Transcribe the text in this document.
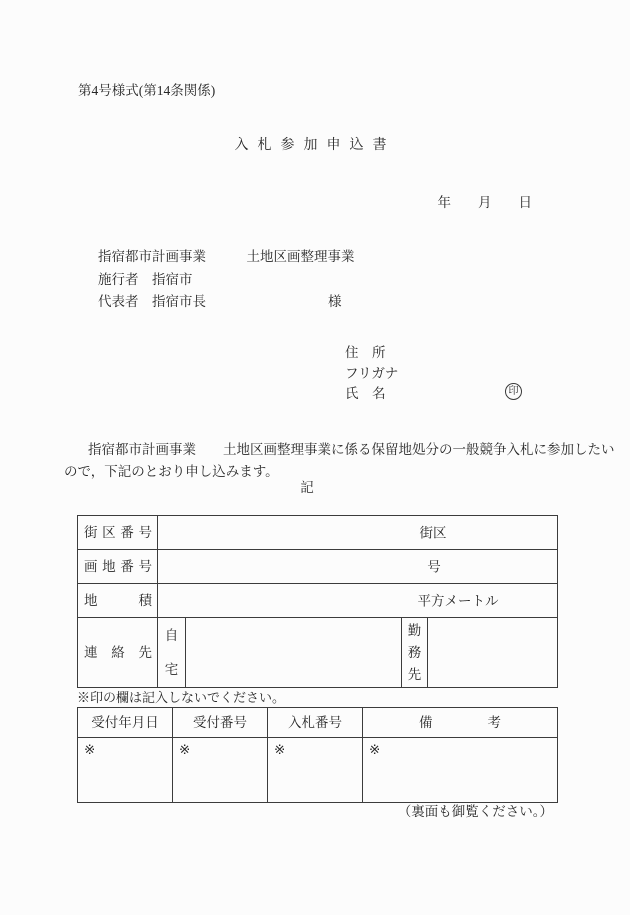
第4号様式(第14条関係)
入札参加申込書
年　　月　　日
指宿都市計画事業　　　土地区画整理事業
施行者　指宿市
代表者　指宿市長	様
住　所
フリガナ
氏　名	印
指宿都市計画事業　　土地区画整理事業に係る保留地処分の一般競争入札に参加したい
ので，下記のとおり申し込みます。
記
街区番号	街区			

画地番号	号			

地積	平方メートル			

連絡先	自宅		勤務先	
※印の欄は記入しないでください。
受付年月日	受付番号	入札番号	備考
※	※	※	※
（裏面も御覧ください。）
